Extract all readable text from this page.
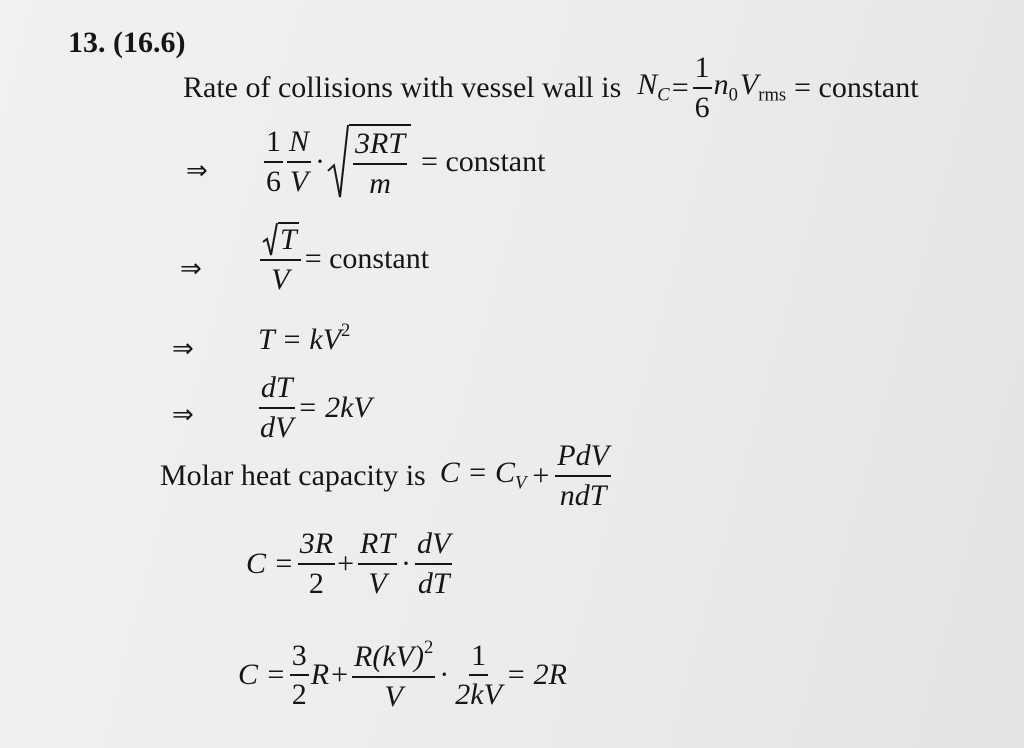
13. (16.6)
Rate of collisions with vessel wall is $N_C = \frac{1}{6} n_0$ $V_{rms}$ = constant
⇒ $\frac{1}{6} \frac{N}{V} \cdot \frac{3RT}{m}$ = constant
⇒ $\frac{T}{V}$ = constant
⇒ $T = kV^2$
⇒ $\frac{dT}{dV} = 2kV$
Molar heat capacity is $C = C_V + \frac{\text{PdV}}{\text{ndT}}$
$C = \frac{3R}{2} + \frac{RT}{V} \cdot \frac{dV}{dT}$
$C = \frac{3}{2}$ $R + \frac{R(kV)^2}{V} \cdot \frac{1}{2kV} = 2R$
